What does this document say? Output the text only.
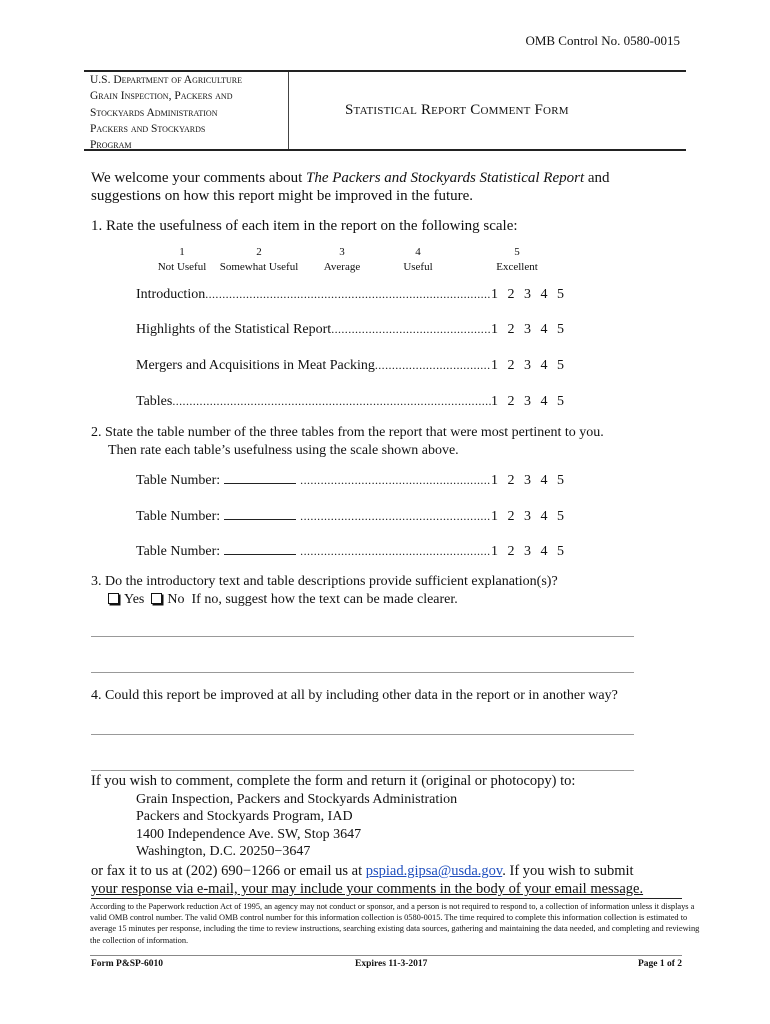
OMB Control No. 0580-0015
U.S. Department of Agriculture
Grain Inspection, Packers and
Stockyards Administration
Packers and Stockyards
Program
Statistical Report Comment Form
We welcome your comments about The Packers and Stockyards Statistical Report and
suggestions on how this report might be improved in the future.
1. Rate the usefulness of each item in the report on the following scale:
1	2	3	4	5
Not Useful	Somewhat Useful	Average	Useful	Excellent
Introduction .....	1 2 3 4 5
Highlights of the Statistical Report .....	1 2 3 4 5
Mergers and Acquisitions in Meat Packing .....	1 2 3 4 5
Tables .....	1 2 3 4 5
2. State the table number of the three tables from the report that were most pertinent to you.
Then rate each table’s usefulness using the scale shown above.
Table Number: .....	1 2 3 4 5
Table Number: .....	1 2 3 4 5
Table Number: .....	1 2 3 4 5
3. Do the introductory text and table descriptions provide sufficient explanation(s)?
Yes No If no, suggest how the text can be made clearer.
4. Could this report be improved at all by including other data in the report or in another way?
If you wish to comment, complete the form and return it (original or photocopy) to:
Grain Inspection, Packers and Stockyards Administration
Packers and Stockyards Program, IAD
1400 Independence Ave. SW, Stop 3647
Washington, D.C. 20250−3647
or fax it to us at (202) 690−1266 or email us at pspiad.gipsa@usda.gov. If you wish to submit
your response via e-mail, your may include your comments in the body of your email message.
According to the Paperwork reduction Act of 1995, an agency may not conduct or sponsor, and a person is not required to respond to, a collection of information unless it displays a valid OMB control number. The valid OMB control number for this information collection is 0580-0015. The time required to complete this information collection is estimated to average 15 minutes per response, including the time to review instructions, searching existing data sources, gathering and maintaining the data needed, and completing and reviewing the collection of information.
Form P&SP-6010	Expires 11-3-2017	Page 1 of 2
